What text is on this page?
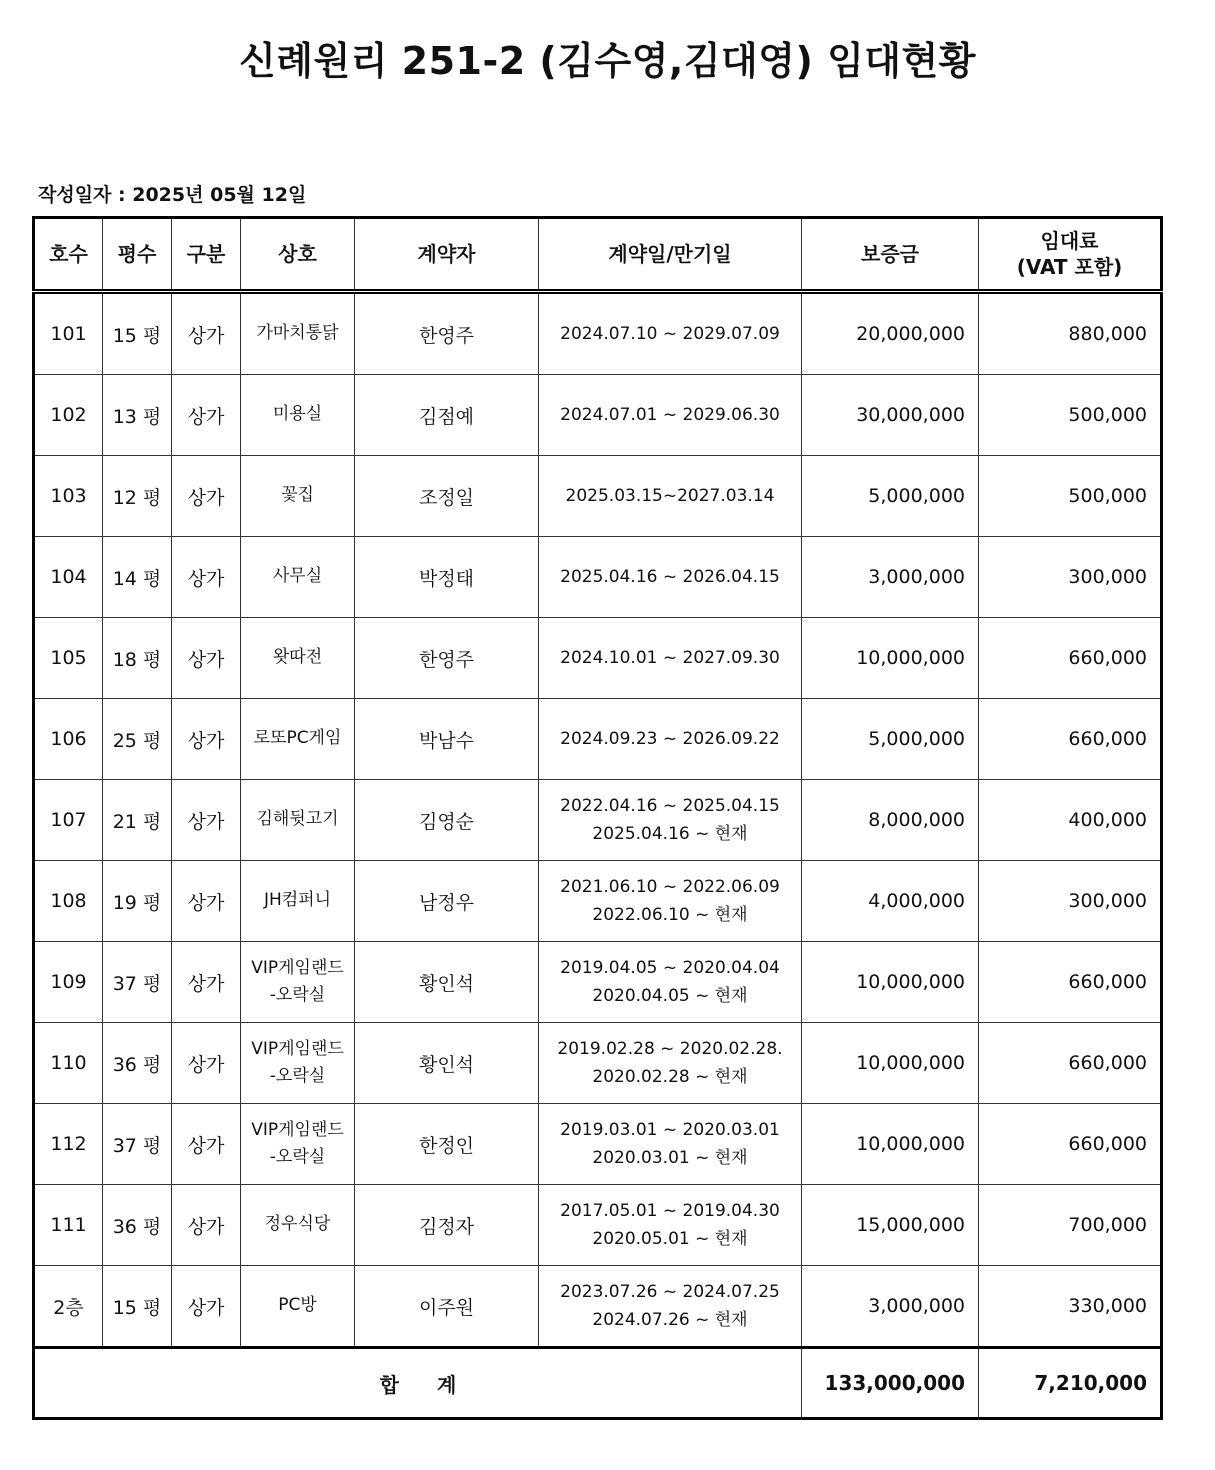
신례원리 251-2 (김수영,김대영) 임대현황
작성일자 : 2025년 05월 12일
호수	평수	구분	상호	계약자	계약일/만기일	보증금	임대료
(VAT 포함)

101	15 평	상가	가마치통닭	한영주	2024.07.10 ~ 2029.07.09	20,000,000	880,000
102	13 평	상가	미용실	김점예	2024.07.01 ~ 2029.06.30	30,000,000	500,000
103	12 평	상가	꽃집	조정일	2025.03.15~2027.03.14	5,000,000	500,000
104	14 평	상가	사무실	박정태	2025.04.16 ~ 2026.04.15	3,000,000	300,000
105	18 평	상가	왓따전	한영주	2024.10.01 ~ 2027.09.30	10,000,000	660,000
106	25 평	상가	로또PC게임	박남수	2024.09.23 ~ 2026.09.22	5,000,000	660,000
107	21 평	상가	김해뒷고기	김영순	2022.04.16 ~ 2025.04.15
2025.04.16 ~ 현재	8,000,000	400,000
108	19 평	상가	JH컴퍼니	남정우	2021.06.10 ~ 2022.06.09
2022.06.10 ~ 현재	4,000,000	300,000
109	37 평	상가	VIP게임랜드
-오락실	황인석	2019.04.05 ~ 2020.04.04
2020.04.05 ~ 현재	10,000,000	660,000
110	36 평	상가	VIP게임랜드
-오락실	황인석	2019.02.28 ~ 2020.02.28.
2020.02.28 ~ 현재	10,000,000	660,000
112	37 평	상가	VIP게임랜드
-오락실	한정인	2019.03.01 ~ 2020.03.01
2020.03.01 ~ 현재	10,000,000	660,000
111	36 평	상가	정우식당	김정자	2017.05.01 ~ 2019.04.30
2020.05.01 ~ 현재	15,000,000	700,000
2층	15 평	상가	PC방	이주원	2023.07.26 ~ 2024.07.25
2024.07.26 ~ 현재	3,000,000	330,000
합계						133,000,000	7,210,000
